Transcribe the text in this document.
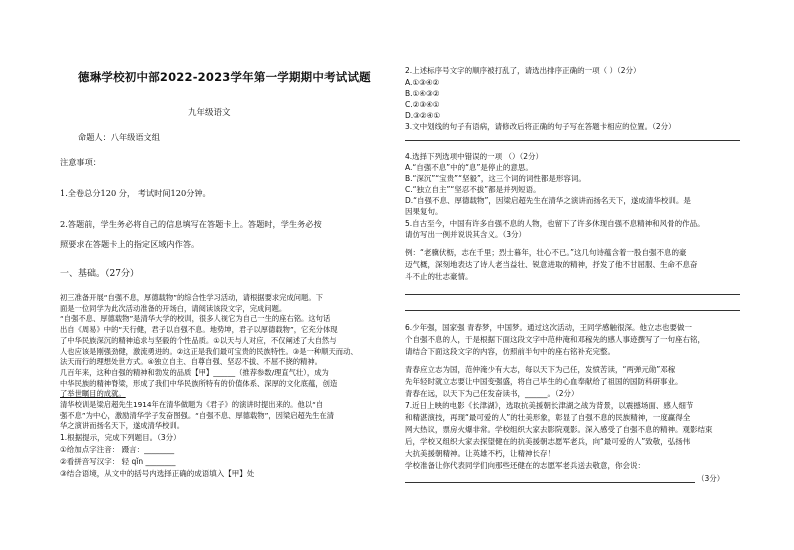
德琳学校初中部2022-2023学年第一学期期中考试试题
九年级语文
命题人：八年级语文组
注意事项：
1.全卷总分120 分， 考试时间120分钟。
2.答题前，学生务必将自己的信息填写在答题卡上。答题时，学生务必按
照要求在答题卡上的指定区域内作答。
一、基础。（27分）
初三准备开展“自强不息，厚德载物”的综合性学习活动，请根据要求完成问题。下
面是一位同学为此次活动准备的开场白，请阅读该段文字，完成问题。
“自强不息、厚德载物”是清华大学的校训，很多人视它为自己一生的座右铭。这句话
出自《周易》中的“天行健，君子以自强不息。地势坤，君子以厚德载物”，它充分体现
了中华民族深沉的精神追求与坚毅的个性品质。①以天与人对应，不仅阐述了大自然与
人也应该是刚强劲健，激流勇进的。②这正是我们最可宝贵的民族特性。③是一种顺天而动、
法天而行的理想处世方式。④独立自主、自尊自强、坚忍不拔、不屈不挠的精神。
几百年来，这种自强的精神和勃发的品质【甲】______（推荐参数/理直气壮），成为
中华民族的精神脊梁，形成了我们中华民族所特有的价值体系、深厚的文化底蕴，创造
了举世瞩目的成就。
清华校训是梁启超先生1914年在清华做题为《君子》的演讲时提出来的。他以“自
强不息”为中心，激励清华学子发奋图强。“自强不息、厚德载物”，因梁启超先生在清
华之演讲而扬名天下，遂成清华校训。
1.根据提示，完成下列题目。（3分）
①给加点字注音： 蹑言：________
②看拼音写汉字： 轻 qǐn ________
③结合语境，从文中的括号内选择正确的成语填入【甲】处
2.上述标序号文字的顺序被打乱了，请选出排序正确的一项（ ）（2分）
A.①③④②
B.①④③②
C.②③④①
D.③②④①
3.文中划线的句子有语病，请修改后将正确的句子写在答题卡相应的位置。（2分）
4.选择下列选项中错误的一项 （）（2分）
A.“自强不息”中的“息”是停止的意思。
B.“深沉”“宝贵”“坚毅”，这三个词的词性都是形容词。
C.“独立自主”“坚忍不拔”都是并列短语。
D.“自强不息、厚德载物”，因梁启超先生在清华之演讲而扬名天下，遂成清华校训。是
因果复句。
5.自古至今，中国有许多自强不息的人物，也留下了许多休现自强不息精神和风骨的作品。
请仿写出一例并说说其含义。（3分）
例：“老骥伏枥，志在千里；烈士暮年，壮心不已。”这几句诗蕴含着一股自强不息的豪
迈气概，深刻地表达了诗人老当益壮、锐意进取的精神，抒发了他不甘屈服、生命不息奋
斗不止的壮志豪情。
6.少年强，国家强 青春梦，中国梦。通过这次活动，王同学感触很深。他立志也要做一
个自强不息的人，于是根据下面这段文字中范仲淹和邓稼先的感人事迹撰写了一句座右铭，
请结合下面这段文字的内容，仿照前半句中的座右铭补充完整。
青春应立志为国，范仲淹少有大志，每以天下为己任，发愤苦读，“两弹元勋”邓稼
先年轻时就立志要让中国变强盛，将自己毕生的心血奉献给了祖国的国防科研事业。
青春在远，以天下为己任发奋读书，______。（2分）
7.近日上映的电影《长津湖》，选取抗美援朝长津湖之战为背景，以震撼场面、感人细节
和精湛演技，再现“最可爱的人”的壮美形象，彰显了自强不息的民族精神，一度赢得全
网大热议，票房火爆非常。学校组织大家去影院观影。深入感受了自强不息的精神。观影结束
后，学校又组织大家去探望健在的抗美援朝志愿军老兵，向“最可爱的人”致敬，弘扬伟
大抗美援朝精神。让英雄不朽，让精神长存！
学校准备让你代表同学们向那些还健在的志愿军老兵送去敬意，你会说：
（3分）
